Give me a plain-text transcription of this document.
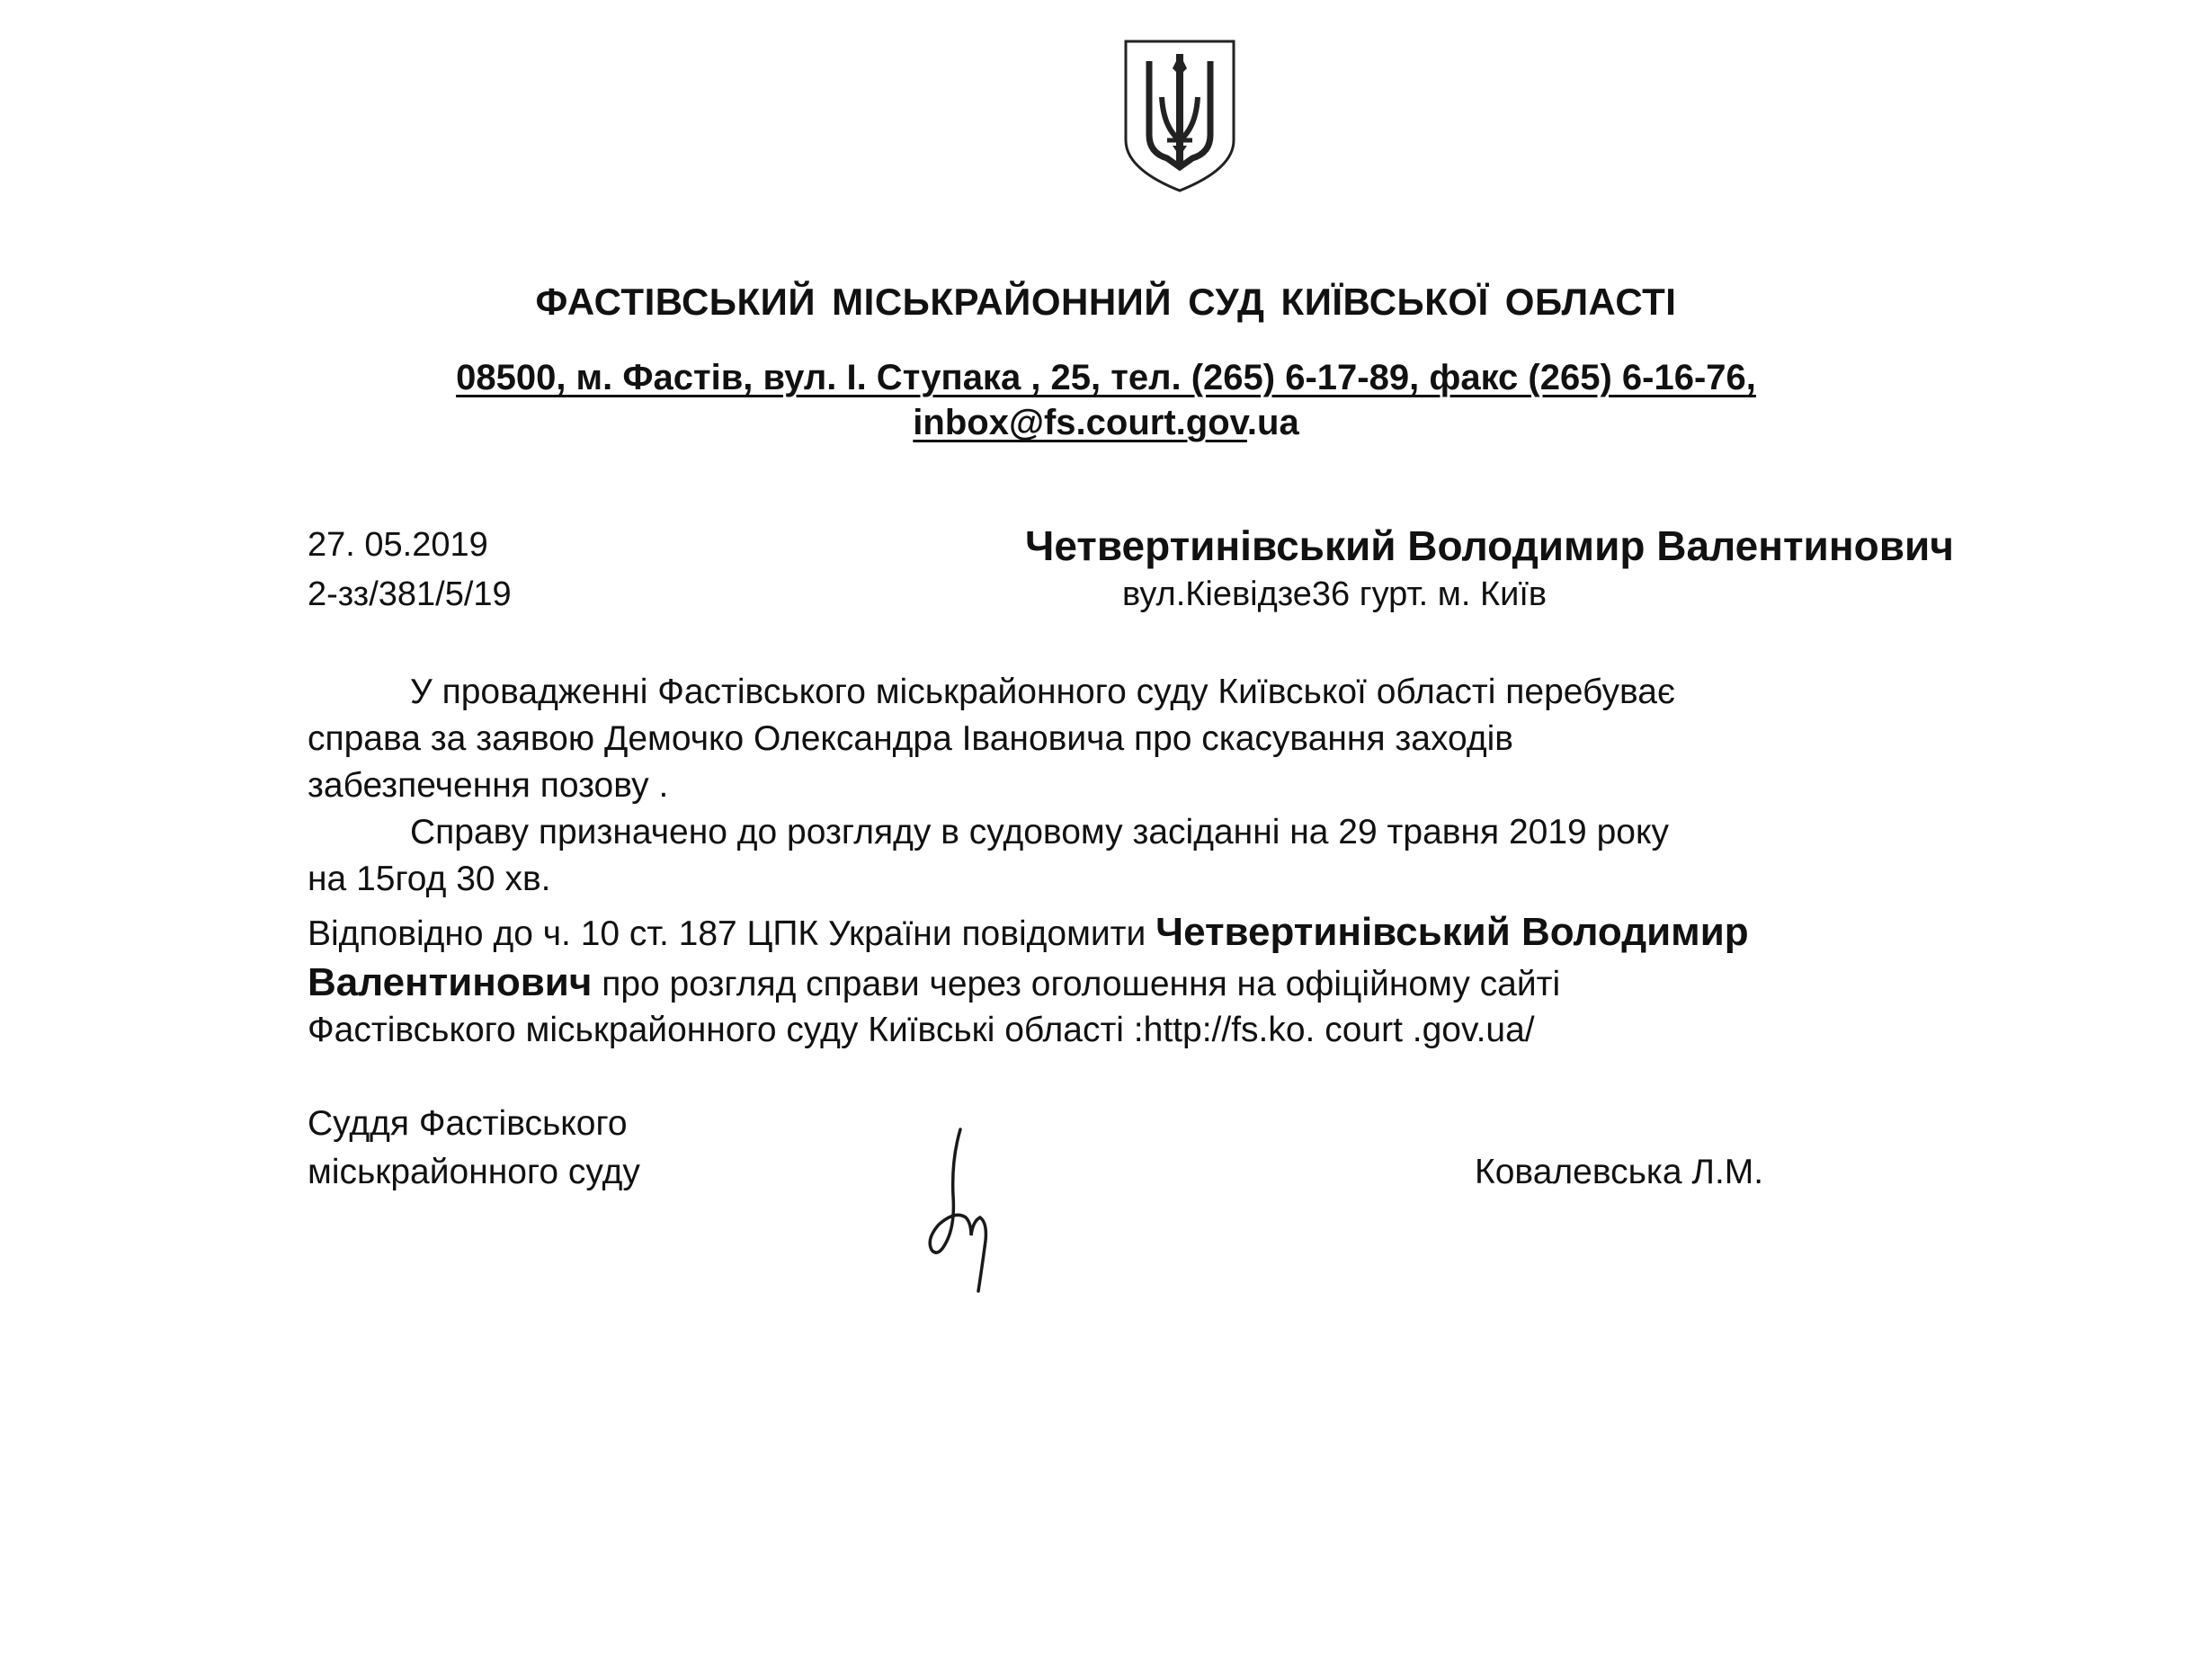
ФАСТІВСЬКИЙ МІСЬКРАЙОННИЙ СУД КИЇВСЬКОЇ ОБЛАСТІ
08500, м. Фастів, вул. І. Ступака , 25, тел. (265) 6-17-89, факс (265) 6-16-76,
inbox@fs.court.gov.ua
27. 05.2019
2-зз/381/5/19
Четвертинівський Володимир Валентинович
вул.Кіевідзе36 гурт. м. Київ
У провадженні Фастівського міськрайонного суду Київської області перебуває
справа за заявою Демочко Олександра Івановича про скасування заходів
забезпечення позову .
Справу призначено до розгляду в судовому засіданні на 29 травня 2019 року
на 15год 30 хв.
Відповідно до ч. 10 ст. 187 ЦПК України повідомити Четвертинівський Володимир
Валентинович про розгляд справи через оголошення на офіційному сайті
Фастівського міськрайонного суду Київські області :http://fs.ko. court .gov.ua/
Суддя Фастівського
міськрайонного суду	Ковалевська Л.М.
